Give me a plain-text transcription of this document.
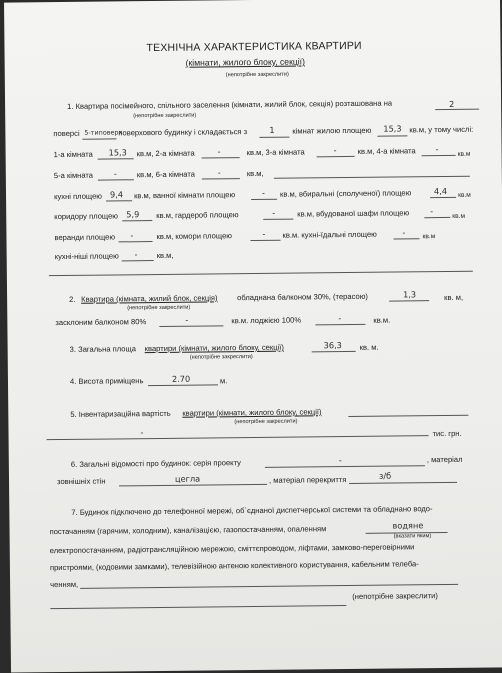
ТЕХНІЧНА ХАРАКТЕРИСТИКА КВАРТИРИ
(кімнати, жилого блоку, секції)
(непотрібне закреслити)
1. Квартира посімейного, спільного заселення (кімнати, жилий блок, секція) розташована на	2
(непотрібне закреслити)
поверсі 5-типоверх
поверхового будинку і складається з	1 кімнат жилою площею 15,3 кв.м, у тому числі:
1-а кімната 15,3 кв.м, 2-а кімната	-	кв.м, 3-а кімната	-	кв.м, 4-а кімната -
кв.м
5-а кімната	-	кв.м, 6-а кімната	-	кв.м,
кухні площею 9,4 кв.м, ванної кімнати площею	- кв.м, вбиральні (сполученої) площею	4,4 кв.м
коридору площею 5,9 кв.м, гардероб площею	-	кв.м, вбудованої шафи площею	-
кв.м
веранди площею -	кв.м, комори площею	- кв.м. кухні-їдальні площею	-	кв.м
кухні-ніші площею - кв.м,
2. Квартира (кімната, жилий блок, секція)	обладнана балконом 30%, (терасою)	1,3	кв. м,
(непотрібне закреслити)
засклоним балконом 80%	-	кв.м. лоджією 100%	-	кв.м.
3. Загальна площа квартири (кімнати, жилого блоку, секції)	36,3 кв. м.
(непотрібне закреслити)
4. Висота приміщень	2.70	м.
5. Інвентаризаційна вартість квартири (кімнати, жилого блоку, секції)
(непотрібне закреслити)
-	тис. грн.
6. Загальні відомості про будинок: серія проекту	-	, матеріал
зовнішніх стін	цегла	, матеріал перекриття	з/б
7. Будинок підключено до телефонної мережі, об`єднаної диспетчерської системи та обладнано водо-
постачанням (гарячим, холодним), каналізацією, газопостачанням, опаленням	водяне
(вказати яким)
електропостачанням, радіотрансляційною мережою, сміттєпроводом, ліфтами, замково-переговірними
пристроями, (кодовими замками), телевізійною антеною колективного користування, кабельним телеба-
ченням,
(непотрібне закреслити)
